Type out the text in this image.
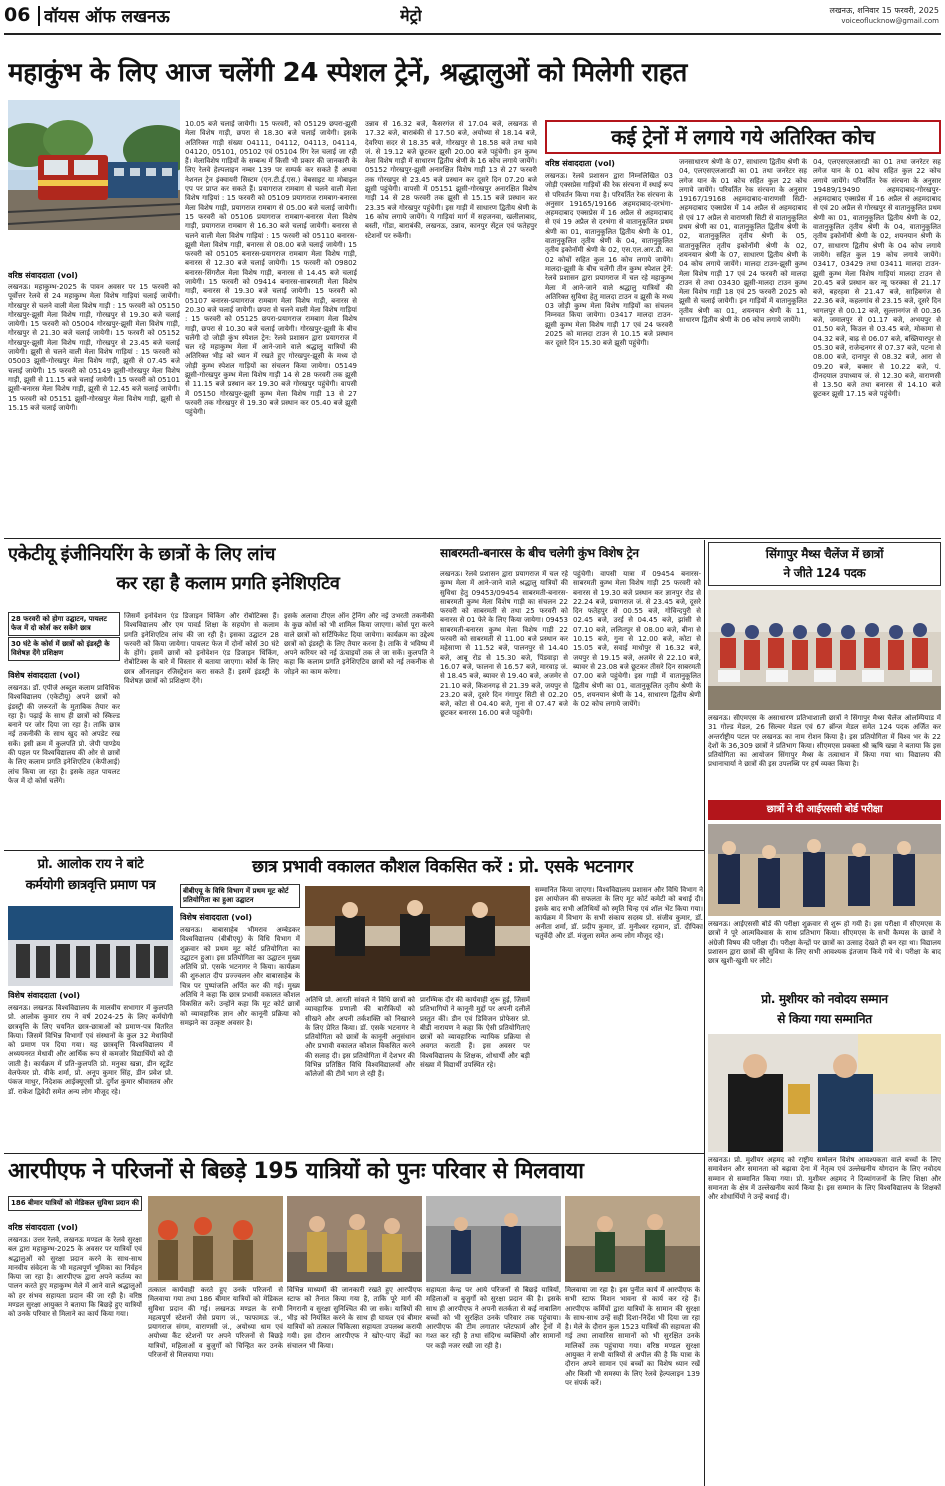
06 वॉयस ऑफ लखनऊ	मेट्रो	लखनऊ, शनिवार 15 फरवरी, 2025
voiceoflucknow@gmail.com
महाकुंभ के लिए आज चलेंगी 24 स्पेशल ट्रेनें, श्रद्धालुओं को मिलेगी राहत
वरिष्ठ संवाददाता (vol)
लखनऊ। महाकुम्भ-2025 के पावन अवसर पर 15 फरवरी को पूर्वोत्तर रेलवे से 24 महाकुम्भ मेला विशेष गाड़ियां चलाई जायेंगी। गोरखपुर से चलने वाली मेला विशेष गाड़ी : 15 फरवरी को 05150 गोरखपुर-झूसी मेला विशेष गाड़ी, गोरखपुर से 19.30 बजे चलाई जायेगी। 15 फरवरी को 05004 गोरखपुर-झूसी मेला विशेष गाड़ी, गोरखपुर से 21.30 बजे चलाई जायेगी। 15 फरवरी को 05152 गोरखपुर-झूसी मेला विशेष गाड़ी, गोरखपुर से 23.45 बजे चलाई जायेगी। झूसी से चलने वाली मेला विशेष गाड़ियां : 15 फरवरी को 05003 झूसी-गोरखपुर मेला विशेष गाड़ी, झूसी से 07.45 बजे चलाई जायेगी। 15 फरवरी को 05149 झूसी-गोरखपुर मेला विशेष गाड़ी, झूसी से 11.15 बजे चलाई जायेगी। 15 फरवरी को 05101 झूसी-बनारस मेला विशेष गाड़ी, झूसी से 12.45 बजे चलाई जायेगी। 15 फरवरी को 05151 झूसी-गोरखपुर मेला विशेष गाड़ी, झूसी से 15.15 बजे चलाई जायेगी।
10.05 बजे चलाई जायेगी। 15 फरवरी, को 05129 छपरा-झूसी मेला विशेष गाड़ी, छपरा से 18.30 बजे चलाई जायेगी। इसके अतिरिक्त गाड़ी संख्या 04111, 04112, 04113, 04114, 04120, 05101, 05102 एवं 05104 रिंग रेल चलाई जा रही हैं। मेलाविशेष गाड़ियों के सम्बन्ध में किसी भी प्रकार की जानकारी के लिए रेलवे हेल्पलाइन नम्बर 139 पर सम्पर्क कर सकते हैं अथवा नेशनल ट्रेन इंक्वायरी सिस्टम (एन.टी.ई.एस.) वेबसाइट या मोबाइल एप पर प्राप्त कर सकते हैं। प्रयागराज रामबाग से चलने वाली मेला विशेष गाड़ियां : 15 फरवरी को 05109 प्रयागराज रामबाग-बनारस मेला विशेष गाड़ी, प्रयागराज रामबाग से 05.00 बजे चलाई जायेगी। 15 फरवरी को 05106 प्रयागराज रामबाग-बनारस मेला विशेष गाड़ी, प्रयागराज रामबाग से 16.30 बजे चलाई जायेगी। बनारस से चलने वाली मेला विशेष गाड़ियां : 15 फरवरी को 05110 बनारस-झूसी मेला विशेष गाड़ी, बनारस से 08.00 बजे चलाई जायेगी। 15 फरवरी को 05105 बनारस-प्रयागराज रामबाग मेला विशेष गाड़ी, बनारस से 12.30 बजे चलाई जायेगी। 15 फरवरी को 09802 बनारस-सिंगरौल मेला विशेष गाड़ी, बनारस से 14.45 बजे चलाई जायेगी। 15 फरवरी को 09414 बनारस-साबरमती मेला विशेष गाड़ी, बनारस से 19.30 बजे चलाई जायेगी। 15 फरवरी को 05107 बनारस-प्रयागराज रामबाग मेला विशेष गाड़ी, बनारस से 20.30 बजे चलाई जायेगी। छपरा से चलने वाली मेला विशेष गाड़ियां : 15 फरवरी को 05125 छपरा-प्रयागराज रामबाग मेला विशेष गाड़ी, छपरा से 10.30 बजे चलाई जायेगी। गोरखपुर-झूसी के बीच चलेंगी दो जोड़ी कुंभ स्पेशल ट्रेन: रेलवे प्रशासन द्वारा प्रयागराज में चल रहे महाकुम्भ मेला में आने-जाने वाले श्रद्धालु यात्रियों की अतिरिक्त भीड़ को ध्यान में रखते हुए गोरखपुर-झूसी के मध्य दो जोड़ी कुम्भ स्पेशल गाड़ियों का संचलन किया जायेगा। 05149 झूसी-गोरखपुर कुम्भ मेला विशेष गाड़ी 14 से 28 फरवरी तक झूसी से 11.15 बजे प्रस्थान कर 19.30 बजे गोरखपुर पहुंचेगी। वापसी में 05150 गोरखपुर-झूसी कुम्भ मेला विशेष गाड़ी 13 से 27 फरवरी तक गोरखपुर से 19.30 बजे प्रस्थान कर 05.40 बजे झूसी पहुंचेगी।
उन्नाव से 16.32 बजे, कैसरगंज से 17.04 बजे, लखनऊ से 17.32 बजे, बाराबंकी से 17.50 बजे, अयोध्या से 18.14 बजे, देवरिया सदर से 18.35 बजे, गोरखपुर से 18.58 बजे तथा थावे जं. से 19.12 बजे छूटकर झूसी 20.00 बजे पहुंचेगी। इन कुम्भ मेला विशेष गाड़ी में साधारण द्वितीय श्रेणी के 16 कोच लगाये जायेंगे। 05152 गोरखपुर-झूसी अनारक्षित विशेष गाड़ी 13 से 27 फरवरी तक गोरखपुर से 23.45 बजे प्रस्थान कर दूसरे दिन 07.20 बजे झूसी पहुंचेगी। वापसी में 05151 झूसी-गोरखपुर अनारक्षित विशेष गाड़ी 14 से 28 फरवरी तक झूसी से 15.15 बजे प्रस्थान कर 23.35 बजे गोरखपुर पहुंचेगी। इस गाड़ी में साधारण द्वितीय श्रेणी के 16 कोच लगाये जायेंगे। ये गाड़ियां मार्ग में सहजनवा, खलीलाबाद, बस्ती, गोंडा, बाराबंकी, लखनऊ, उन्नाव, कानपुर सेंट्रल एवं फतेहपुर स्टेशनों पर रुकेंगी।
कई ट्रेनों में लगाये गये अतिरिक्त कोच
वरिष्ठ संवाददाता (vol)
लखनऊ। रेलवे प्रशासन द्वारा निम्नलिखित 03 जोड़ी एक्सप्रेस गाड़ियों की रेक संरचना में स्थाई रूप से परिवर्तन किया गया है। परिवर्तित रेक संरचना के अनुसार 19165/19166 अहमदाबाद-दरभंगा-अहमदाबाद एक्सप्रेस में 16 अप्रैल से अहमदाबाद से एवं 19 अप्रैल से दरभंगा से वातानुकूलित प्रथम श्रेणी का 01, वातानुकूलित द्वितीय श्रेणी के 01, वातानुकूलित तृतीय श्रेणी के 04, वातानुकूलित तृतीय इकोनॉमी श्रेणी के 02, एस.एल.आर.डी. का 02 कोचों सहित कुल 16 कोच लगाये जायेंगे। मालदा-झूसी के बीच चलेंगी तीन कुम्भ स्पेशल ट्रेनें: रेलवे प्रशासन द्वारा प्रयागराज में चल रहे महाकुम्भ मेला में आने-जाने वाले श्रद्धालु यात्रियों की अतिरिक्त सुविधा हेतु मालदा टाउन व झूसी के मध्य 03 जोड़ी कुम्भ मेला विशेष गाड़ियों का संचलन निम्नवत किया जायेगा। 03417 मालदा टाउन-झूसी कुम्भ मेला विशेष गाड़ी 17 एवं 24 फरवरी 2025 को मालदा टाउन से 10.15 बजे प्रस्थान कर दूसरे दिन 15.30 बजे झूसी पहुंचेगी।
जनसाधारण श्रेणी के 07, साधारण द्वितीय श्रेणी के 04, एलएसएलआरडी का 01 तथा जनरेटर सह लगेज यान के 01 कोच सहित कुल 22 कोच लगाये जायेंगे। परिवर्तित रेक संरचना के अनुसार 19167/19168 अहमदाबाद-वाराणसी सिटी-अहमदाबाद एक्सप्रेस में 14 अप्रैल से अहमदाबाद से एवं 17 अप्रैल से वाराणसी सिटी से वातानुकूलित प्रथम श्रेणी का 01, वातानुकूलित द्वितीय श्रेणी के 02, वातानुकूलित तृतीय श्रेणी के 05, वातानुकूलित तृतीय इकोनॉमी श्रेणी के 02, शयनयान श्रेणी के 07, साधारण द्वितीय श्रेणी के 04 कोच लगाये जायेंगे। मालदा टाउन-झूसी कुम्भ मेला विशेष गाड़ी 17 एवं 24 फरवरी को मालदा टाउन से तथा 03430 झूसी-मालदा टाउन कुम्भ मेला विशेष गाड़ी 18 एवं 25 फरवरी 2025 को झूसी से चलाई जायेगी। इन गाड़ियों में वातानुकूलित तृतीय श्रेणी का 01, शयनयान श्रेणी के 11, साधारण द्वितीय श्रेणी के 06 कोच लगाये जायेंगे।
04, एलएसएलआरडी का 01 तथा जनरेटर सह लगेज यान के 01 कोच सहित कुल 22 कोच लगाये जायेंगे। परिवर्तित रेक संरचना के अनुसार 19489/19490 अहमदाबाद-गोरखपुर-अहमदाबाद एक्सप्रेस में 16 अप्रैल से अहमदाबाद से एवं 20 अप्रैल से गोरखपुर से वातानुकूलित प्रथम श्रेणी का 01, वातानुकूलित द्वितीय श्रेणी के 02, वातानुकूलित तृतीय श्रेणी के 04, वातानुकूलित तृतीय इकोनॉमी श्रेणी के 02, शयनयान श्रेणी के 07, साधारण द्वितीय श्रेणी के 04 कोच लगाये जायेंगे। सहित कुल 19 कोच लगाये जायेंगे। 03417, 03429 तथा 03411 मालदा टाउन-झूसी कुम्भ मेला विशेष गाड़ियां मालदा टाउन से 20.45 बजे प्रस्थान कर न्यू फरक्का से 21.17 बजे, बहरहवा से 21.47 बजे, साहिबगंज से 22.36 बजे, कहलगांव से 23.15 बजे, दूसरे दिन भागलपुर से 00.12 बजे, सुल्तानगंज से 00.36 बजे, जमालपुर से 01.17 बजे, अभयपुर से 01.50 बजे, किउल से 03.45 बजे, मोकामा से 04.32 बजे, बाढ़ से 06.07 बजे, बख्तियारपुर से 05.30 बजे, राजेन्द्रनगर से 07.37 बजे, पटना से 08.00 बजे, दानापुर से 08.32 बजे, आरा से 09.20 बजे, बक्सर से 10.22 बजे, पं. दीनदयाल उपाध्याय जं. से 12.30 बजे, वाराणसी से 13.50 बजे तथा बनारस से 14.10 बजे छूटकर झूसी 17.15 बजे पहुंचेगी।
एकेटीयू इंजीनियरिंग के छात्रों के लिए लांच
कर रहा है कलाम प्रगति इनेशिएटिव
28 फरवरी को होगा उद्घाटन, पायलट फेज में दो कोर्स कर सकेंगे छात्र
30 घंटे के कोर्स में छात्रों को इंडस्ट्री के विशेषज्ञ देंगे प्रशिक्षण
विशेष संवाददाता (vol)
लखनऊ। डॉ. एपीजे अब्दुल कलाम प्राविधिक विश्वविद्यालय (एकेटीयू) अपने छात्रों को इंडस्ट्री की जरूरतों के मुताबिक तैयार कर रहा है। पढ़ाई के साथ ही छात्रों को स्किल्ड बनाने पर जोर दिया जा रहा है। ताकि छात्र नई तकनीकी के साथ खुद को अपडेट रख सकें। इसी क्रम में कुलपति प्रो. जेपी पाण्डेय की पहल पर विश्वविद्यालय की ओर से छात्रों के लिए कलाम प्रगति इनेशिएटिव (केपीआई) लांच किया जा रहा है। इसके तहत पायलट फेज में दो कोर्स चलेंगे।
जिसमें इनोवेशन एंड डिजाइन थिंकिंग और रोबोटिक्स हैं। विश्वविद्यालय और एम पावर्ड शिक्षा के सहयोग से कलाम प्रगति इनेशिएटिव लांच की जा रही है। इसका उद्घाटन 28 फरवरी को किया जायेगा। पायलट फेज में दोनों कोर्स 30 घंटे के होंगे। इसमें छात्रों को इनोवेशन एंड डिजाइन थिंकिंग, रोबोटिक्स के बारे में विस्तार से बताया जाएगा। कोर्स के लिए छात्र ऑनलाइन रजिस्ट्रेशन करा सकते हैं। इसमें इंडस्ट्री के विशेषज्ञ छात्रों को प्रशिक्षण देंगे।
इसके अलावा टीएल ऑन ट्रेनिंग और नई उभरती तकनीकी के कुछ कोर्स को भी शामिल किया जाएगा। कोर्स पूरा करने वाले छात्रों को सर्टिफिकेट दिया जायेगा। कार्यक्रम का उद्देश्य छात्रों को इंडस्ट्री के लिए तैयार करना है। ताकि वे भविष्य में अपने करियर को नई ऊंचाइयों तक ले जा सकें। कुलपति ने कहा कि कलाम प्रगति इनेशिएटिव छात्रों को नई तकनीक से जोड़ने का काम करेगा।
साबरमती-बनारस के बीच चलेगी कुंभ विशेष ट्रेन
लखनऊ। रेलवे प्रशासन द्वारा प्रयागराज में चल रहे कुम्भ मेला में आने-जाने वाले श्रद्धालु यात्रियों की सुविधा हेतु 09453/09454 साबरमती-बनारस-साबरमती कुम्भ मेला विशेष गाड़ी का संचलन 22 फरवरी को साबरमती से तथा 25 फरवरी को बनारस से 01 फेरे के लिए किया जायेगा। 09453 साबरमती-बनारस कुम्भ मेला विशेष गाड़ी 22 फरवरी को साबरमती से 11.00 बजे प्रस्थान कर महेसाणा से 11.52 बजे, पालनपुर से 14.40 बजे, आबू रोड से 15.30 बजे, पिंडवाड़ा से 16.07 बजे, फालना से 16.57 बजे, मारवाड़ जं. से 18.45 बजे, ब्यावर से 19.40 बजे, अजमेर से 21.10 बजे, किशनगढ़ से 21.39 बजे, जयपुर से 23.20 बजे, दूसरे दिन गंगापुर सिटी से 02.20 बजे, कोटा से 04.40 बजे, गुना से 07.47 बजे छूटकर बनारस 16.00 बजे पहुंचेगी।
पहुंचेगी। वापसी यात्रा में 09454 बनारस-साबरमती कुम्भ मेला विशेष गाड़ी 25 फरवरी को बनारस से 19.30 बजे प्रस्थान कर ज्ञानपुर रोड से 22.24 बजे, प्रयागराज जं. से 23.45 बजे, दूसरे दिन फतेहपुर से 00.55 बजे, गोविन्दपुरी से 02.45 बजे, उरई से 04.45 बजे, झांसी से 07.10 बजे, ललितपुर से 08.00 बजे, बीना से 10.15 बजे, गुना से 12.00 बजे, कोटा से 15.05 बजे, सवाई माधोपुर से 16.32 बजे, जयपुर से 19.15 बजे, अजमेर से 22.10 बजे, ब्यावर से 23.08 बजे छूटकर तीसरे दिन साबरमती 07.00 बजे पहुंचेगी। इस गाड़ी में वातानुकूलित द्वितीय श्रेणी का 01, वातानुकूलित तृतीय श्रेणी के 05, शयनयान श्रेणी के 14, साधारण द्वितीय श्रेणी के 02 कोच लगाये जायेंगे।
सिंगापुर मैथ्स चैलेंज में छात्रों
ने जीते 124 पदक
लखनऊ। सीएमएस के असाधारण प्रतिभाशाली छात्रों ने सिंगापुर मैथ्स चैलेंज ओलम्पियाड में 31 गोल्ड मेडल, 26 सिल्वर मेडल एवं 67 ब्रॉन्ज मेडल समेत 124 पदक अर्जित कर अन्तर्राष्ट्रीय पटल पर लखनऊ का नाम रोशन किया है। इस प्रतियोगिता में विश्व भर के 22 देशों के 36,309 छात्रों ने प्रतिभाग किया। सीएमएस प्रवक्ता श्री ऋषि खन्ना ने बताया कि इस प्रतियोगिता का आयोजन सिंगापुर मैथ्स के तत्वाधान में किया गया था। विद्यालय की प्रधानाचार्या ने छात्रों की इस उपलब्धि पर हर्ष व्यक्त किया है।
छात्रों ने दी आईएससी बोर्ड परीक्षा
लखनऊ। आईएससी बोर्ड की परीक्षा शुक्रवार से शुरू हो गयी है। इस परीक्षा में सीएमएस के छात्रों ने पूरे आत्मविश्वास के साथ प्रतिभाग किया। सीएमएस के सभी कैम्पस के छात्रों ने अंग्रेजी विषय की परीक्षा दी। परीक्षा केन्द्रों पर छात्रों का उत्साह देखते ही बन रहा था। विद्यालय प्रशासन द्वारा छात्रों की सुविधा के लिए सभी आवश्यक इंतजाम किये गये थे। परीक्षा के बाद छात्र खुशी-खुशी घर लौटे।
प्रो. आलोक राय ने बांटे
कर्मयोगी छात्रवृत्ति प्रमाण पत्र
विशेष संवाददाता (vol)
लखनऊ। लखनऊ विश्वविद्यालय के मालवीय सभागार में कुलपति प्रो. आलोक कुमार राय ने वर्ष 2024-25 के लिए कर्मयोगी छात्रवृत्ति के लिए चयनित छात्र-छात्राओं को प्रमाण-पत्र वितरित किया। जिसमें विभिन्न विभागों एवं संस्थानों के कुल 32 मेधावियों को प्रमाण पत्र दिया गया। यह छात्रवृत्ति विश्वविद्यालय में अध्ययनरत मेधावी और आर्थिक रूप से कमजोर विद्यार्थियों को दी जाती है। कार्यक्रम में प्रति-कुलपति प्रो. मनुका खन्ना, डीन स्टूडेंट वेलफेयर प्रो. वीके शर्मा, प्रो. अनूप कुमार सिंह, डीन प्रवेश प्रो. पंकज माथुर, निदेशक आईक्यूएसी प्रो. दुर्गेश कुमार श्रीवास्तव और डॉ. राकेश द्विवेदी समेत अन्य लोग मौजूद रहे।
छात्र प्रभावी वकालत कौशल विकसित करें : प्रो. एसके भटनागर
बीबीएयू के विधि विभाग में प्रथम मूट कोर्ट प्रतियोगिता का हुआ उद्घाटन
विशेष संवाददाता (vol)
लखनऊ। बाबासाहेब भीमराव अम्बेडकर विश्वविद्यालय (बीबीएयू) के विधि विभाग में शुक्रवार को प्रथम मूट कोर्ट प्रतियोगिता का उद्घाटन हुआ। इस प्रतियोगिता का उद्घाटन मुख्य अतिथि प्रो. एसके भटनागर ने किया। कार्यक्रम की शुरुआत दीप प्रज्ज्वलन और बाबासाहेब के चित्र पर पुष्पांजलि अर्पित कर की गई। मुख्य अतिथि ने कहा कि छात्र प्रभावी वकालत कौशल विकसित करें। उन्होंने कहा कि मूट कोर्ट छात्रों को व्यावहारिक ज्ञान और कानूनी प्रक्रिया को समझने का उत्कृष्ट अवसर है।
अतिथि प्रो. आरती सांवले ने विधि छात्रों को व्यावहारिक प्रणाली की बारीकियों को सीखने और अपनी तर्कशक्ति को निखारने के लिए प्रेरित किया। डॉ. एसके भटनागर ने प्रतियोगिता को छात्रों के कानूनी अनुसंधान और प्रभावी वकालत कौशल विकसित करने की सलाह दी। इस प्रतियोगिता में देशभर की विभिन्न प्रतिष्ठित विधि विश्वविद्यालयों और कॉलेजों की टीमें भाग ले रही हैं।
प्रारम्भिक दौर की कार्यवाही शुरू हुई, जिसमें प्रतिभागियों ने कानूनी मुद्दों पर अपनी दलीलें प्रस्तुत कीं। डीन एवं डिविजन प्रोफेसर प्रो. बीडी नारायण ने कहा कि ऐसी प्रतियोगिताएं छात्रों को व्यावहारिक न्यायिक प्रक्रिया से अवगत कराती हैं। इस अवसर पर विश्वविद्यालय के शिक्षक, शोधार्थी और बड़ी संख्या में विद्यार्थी उपस्थित रहे।
सम्मानित किया जाएगा। विश्वविद्यालय प्रशासन और विधि विभाग ने इस आयोजन की सफलता के लिए मूट कोर्ट कमेटी को बधाई दी। इसके बाद सभी अतिथियों को स्मृति चिन्ह एवं शॉल भेंट किया गया। कार्यक्रम में विभाग के सभी संकाय सदस्य प्रो. संजीव कुमार, डॉ. अनीता शर्मा, डॉ. प्रदीप कुमार, डॉ. मुनीश्वर रहमान, डॉ. दीपिका चतुर्वेदी और डॉ. मंजुला समेत अन्य लोग मौजूद रहे।
प्रो. मुशीयर को नवोदय सम्मान
से किया गया सम्मानित
लखनऊ। प्रो. मुशीयर अहमद को राष्ट्रीय सम्मेलन विशेष आवश्यकता वाले बच्चों के लिए समावेशन और समानता को बढ़ावा देना में नेतृत्व एवं उल्लेखनीय योगदान के लिए नवोदय सम्मान से सम्मानित किया गया। प्रो. मुशीयर अहमद ने दिव्यांगजनों के लिए शिक्षा और समानता के क्षेत्र में उल्लेखनीय कार्य किया है। इस सम्मान के लिए विश्वविद्यालय के शिक्षकों और शोधार्थियों ने उन्हें बधाई दी।
आरपीएफ ने परिजनों से बिछड़े 195 यात्रियों को पुनः परिवार से मिलवाया
186 बीमार यात्रियों को मेडिकल सुविधा प्रदान की
वरिष्ठ संवाददाता (vol)
लखनऊ। उत्तर रेलवे, लखनऊ मण्डल के रेलवे सुरक्षा बल द्वारा महाकुम्भ-2025 के अवसर पर यात्रियों एवं श्रद्धालुओं को सुरक्षा प्रदान करने के साथ-साथ मानवीय संवेदना के भी महत्वपूर्ण भूमिका का निर्वहन किया जा रहा है। आरपीएफ द्वारा अपने कर्तव्य का पालन करते हुए महाकुम्भ मेले में आने वाले श्रद्धालुओं को हर संभव सहायता प्रदान की जा रही है। वरिष्ठ मण्डल सुरक्षा आयुक्त ने बताया कि बिछड़े हुए यात्रियों को उनके परिवार से मिलाने का कार्य किया गया।
तत्काल कार्यवाही करते हुए उनके परिजनों से मिलवाया गया तथा 186 बीमार यात्रियों को मेडिकल सुविधा प्रदान की गई। लखनऊ मण्डल के सभी महत्वपूर्ण स्टेशनों जैसे प्रयाग जं., फाफामऊ जं., प्रयागराज संगम, वाराणसी जं., अयोध्या धाम एवं अयोध्या कैंट स्टेशनों पर अपने परिजनों से बिछड़े यात्रियों, महिलाओं व बुजुर्गों को चिन्हित कर उनके परिजनों से मिलवाया गया।
विभिन्न माध्यमों की जानकारी रखते हुए आरपीएफ स्टाफ को तैनात किया गया है, ताकि पूरे मार्ग की निगरानी व सुरक्षा सुनिश्चित की जा सके। यात्रियों की भीड़ को नियंत्रित करने के साथ ही घायल एवं बीमार यात्रियों को तत्काल चिकित्सा सहायता उपलब्ध करायी गयी। इस दौरान आरपीएफ ने खोए-पाए केंद्रों का संचालन भी किया।
सहायता केन्द्र पर आये परिजनों से बिछड़े यात्रियों, महिलाओं व बुजुर्गों को सुरक्षा प्रदान की है। इसके साथ ही आरपीएफ ने अपनी सतर्कता से कई नाबालिग बच्चों को भी सुरक्षित उनके परिवार तक पहुंचाया। आरपीएफ की टीम लगातार प्लेटफार्म और ट्रेनों में गश्त कर रही है तथा संदिग्ध व्यक्तियों और सामानों पर कड़ी नजर रखी जा रही है।
मिलवाया जा रहा है। इस पुनीत कार्य में आरपीएफ के सभी स्टाफ मिशन भावना से कार्य कर रहे हैं। आरपीएफ कर्मियों द्वारा यात्रियों के सामान की सुरक्षा के साथ-साथ उन्हें सही दिशा-निर्देश भी दिया जा रहा है। मेले के दौरान कुल 1523 यात्रियों की सहायता की गई तथा लावारिस सामानों को भी सुरक्षित उनके मालिकों तक पहुंचाया गया। वरिष्ठ मण्डल सुरक्षा आयुक्त ने सभी यात्रियों से अपील की है कि यात्रा के दौरान अपने सामान एवं बच्चों का विशेष ध्यान रखें और किसी भी समस्या के लिए रेलवे हेल्पलाइन 139 पर संपर्क करें।
